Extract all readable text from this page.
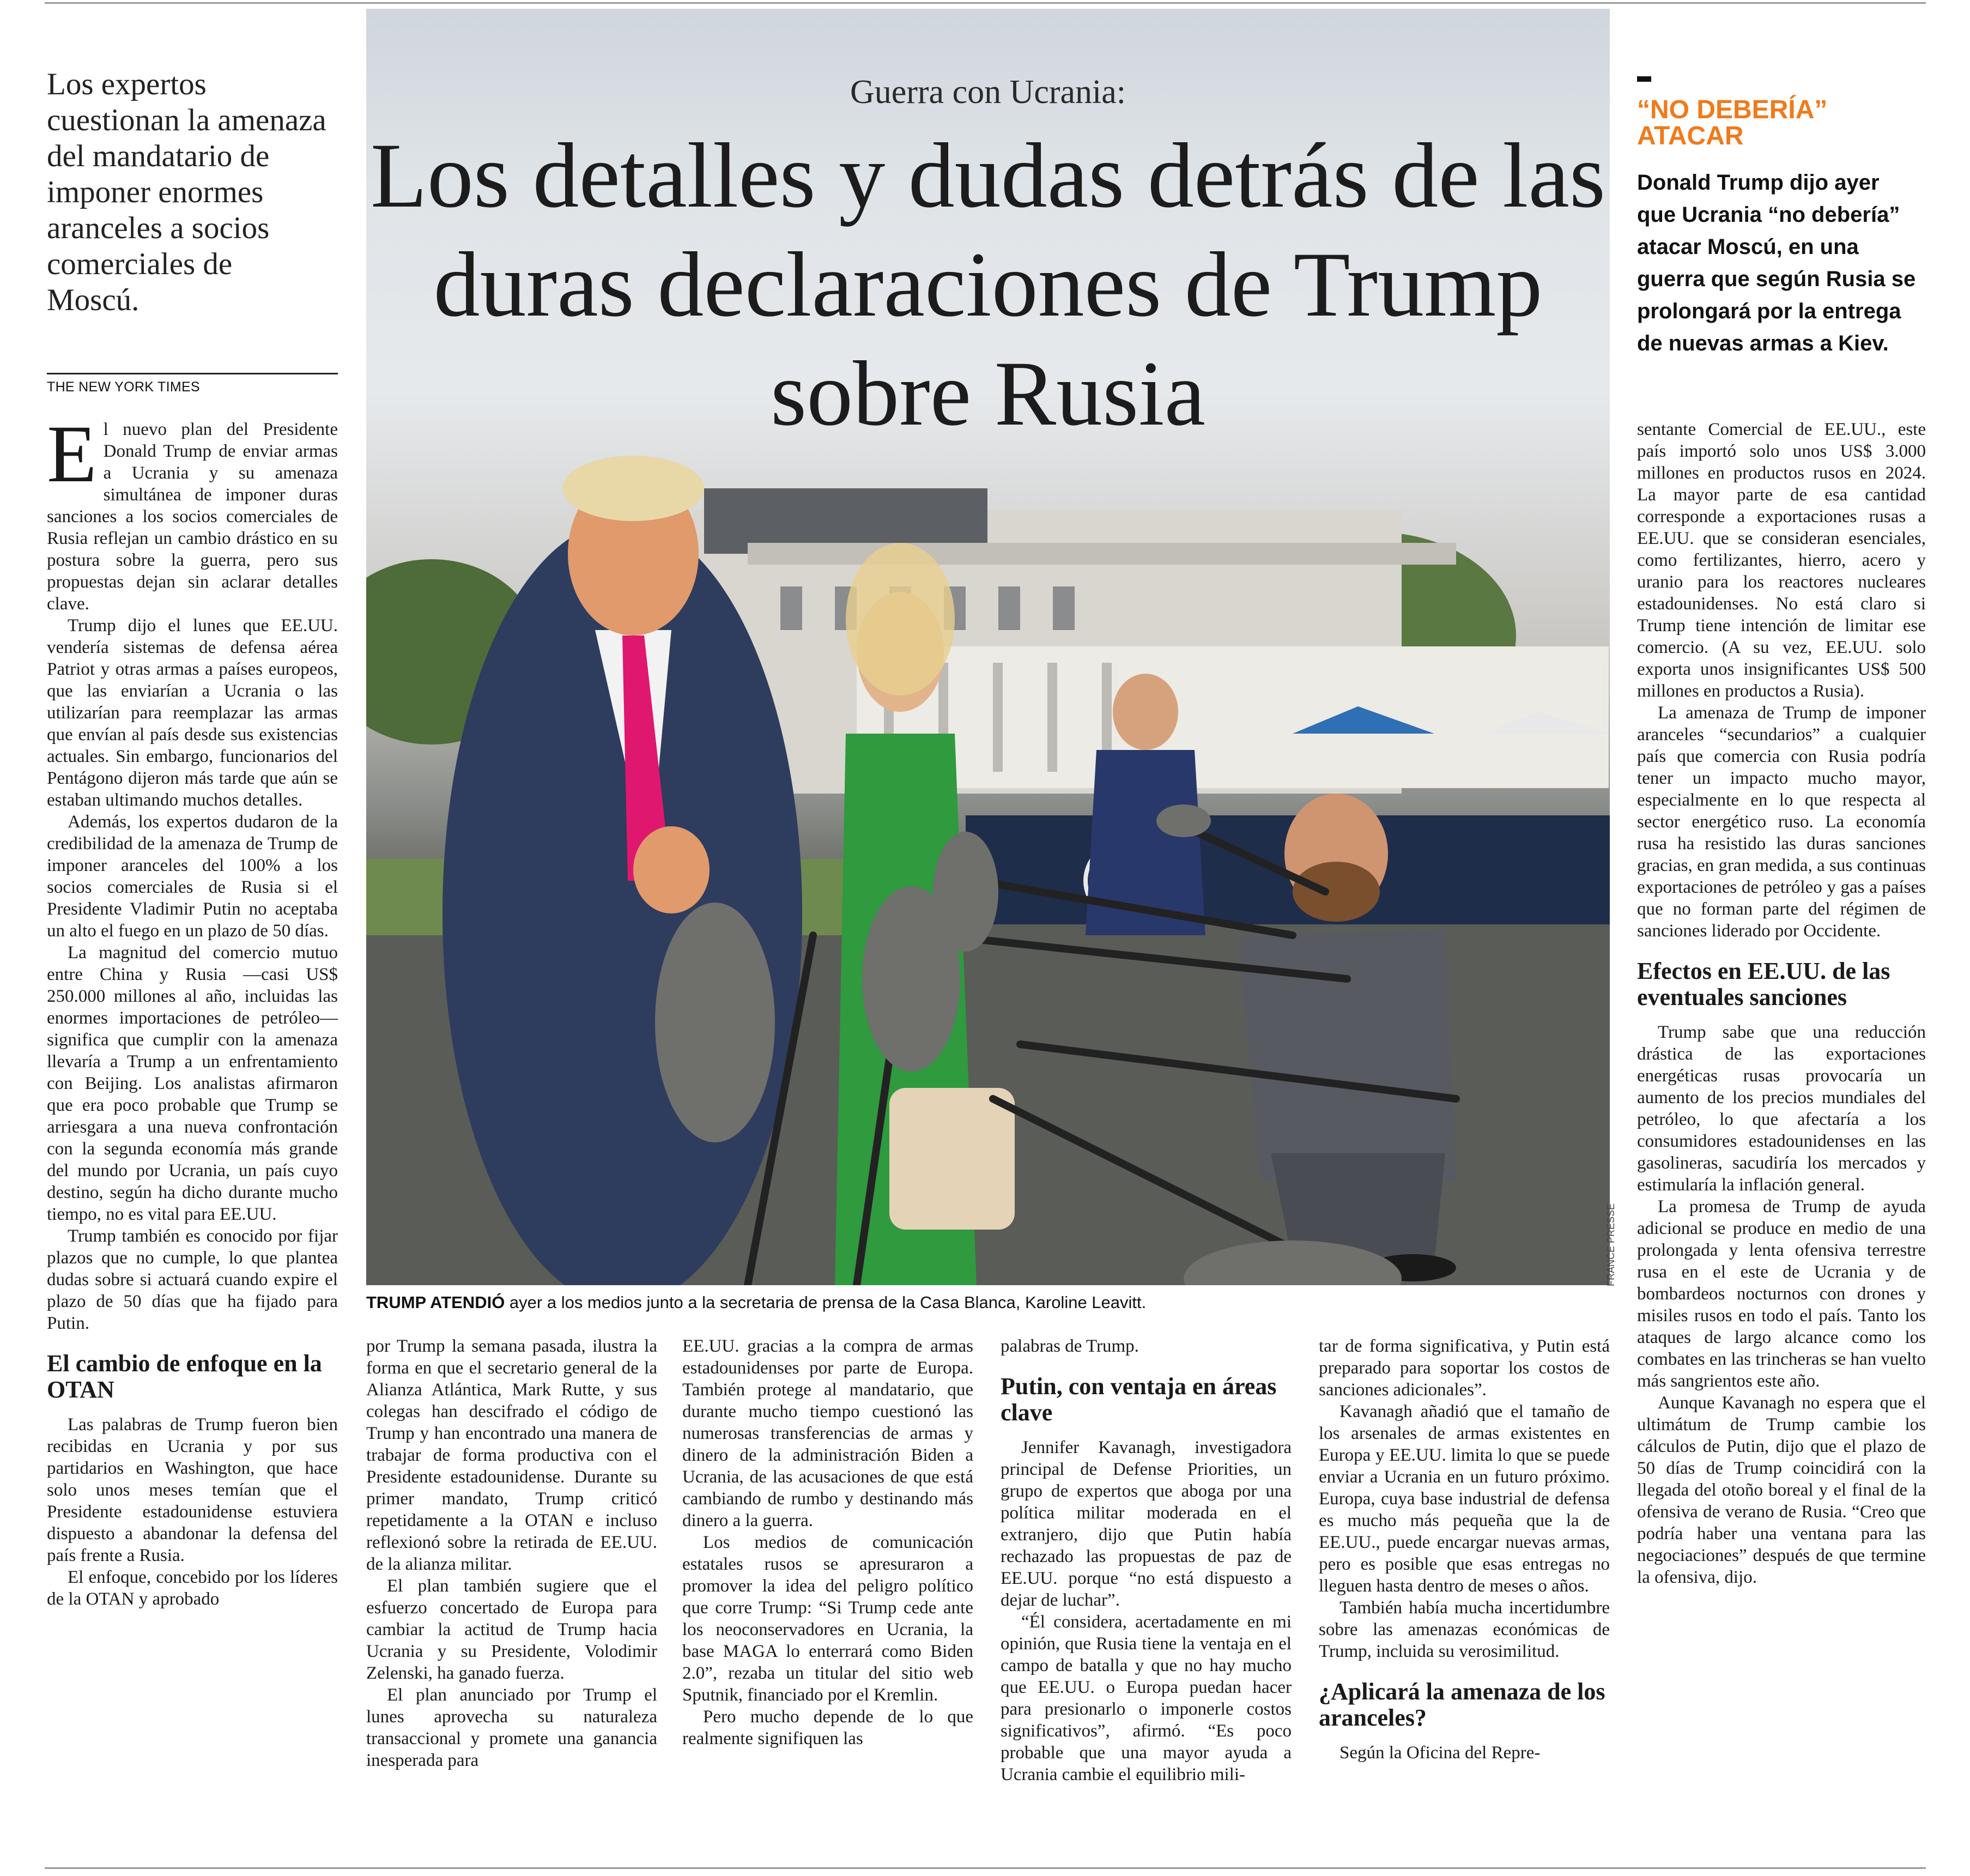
Los expertos cuestionan la amenaza del mandatario de imponer enormes aranceles a socios comerciales de Moscú.
THE NEW YORK TIMES

El nuevo plan del Presidente Donald Trump de enviar armas a Ucrania y su amenaza simultánea de imponer duras sanciones a los socios comerciales de Rusia reflejan un cambio drástico en su postura sobre la guerra, pero sus propuestas dejan sin aclarar detalles clave.

Trump dijo el lunes que EE.UU. vendería sistemas de defensa aérea Patriot y otras armas a países europeos, que las enviarían a Ucrania o las utilizarían para reemplazar las armas que envían al país desde sus existencias actuales. Sin embargo, funcionarios del Pentágono dijeron más tarde que aún se estaban ultimando muchos detalles.

Además, los expertos dudaron de la credibilidad de la amenaza de Trump de imponer aranceles del 100% a los socios comerciales de Rusia si el Presidente Vladimir Putin no aceptaba un alto el fuego en un plazo de 50 días.

La magnitud del comercio mutuo entre China y Rusia —casi US$ 250.000 millones al año, incluidas las enormes importaciones de petróleo— significa que cumplir con la amenaza llevaría a Trump a un enfrentamiento con Beijing. Los analistas afirmaron que era poco probable que Trump se arriesgara a una nueva confrontación con la segunda economía más grande del mundo por Ucrania, un país cuyo destino, según ha dicho durante mucho tiempo, no es vital para EE.UU.

Trump también es conocido por fijar plazos que no cumple, lo que plantea dudas sobre si actuará cuando expire el plazo de 50 días que ha fijado para Putin.

El cambio de enfoque en la OTAN

Las palabras de Trump fueron bien recibidas en Ucrania y por sus partidarios en Washington, que hace solo unos meses temían que el Presidente estadounidense estuviera dispuesto a abandonar la defensa del país frente a Rusia.

El enfoque, concebido por los líderes de la OTAN y aprobado

Guerra con Ucrania:
Los detalles y dudas detrás de las duras declaraciones de Trump sobre Rusia
FRANCE PRESSE
TRUMP ATENDIÓ ayer a los medios junto a la secretaria de prensa de la Casa Blanca, Karoline Leavitt.
“NO DEBERÍA” ATACAR
Donald Trump dijo ayer que Ucrania “no debería” atacar Moscú, en una guerra que según Rusia se prolongará por la entrega de nuevas armas a Kiev.

por Trump la semana pasada, ilustra la forma en que el secretario general de la Alianza Atlántica, Mark Rutte, y sus colegas han descifrado el código de Trump y han encontrado una manera de trabajar de forma productiva con el Presidente estadounidense. Durante su primer mandato, Trump criticó repetidamente a la OTAN e incluso reflexionó sobre la retirada de EE.UU. de la alianza militar.

El plan también sugiere que el esfuerzo concertado de Europa para cambiar la actitud de Trump hacia Ucrania y su Presidente, Volodimir Zelenski, ha ganado fuerza.

El plan anunciado por Trump el lunes aprovecha su naturaleza transaccional y promete una ganancia inesperada para

EE.UU. gracias a la compra de armas estadounidenses por parte de Europa. También protege al mandatario, que durante mucho tiempo cuestionó las numerosas transferencias de armas y dinero de la administración Biden a Ucrania, de las acusaciones de que está cambiando de rumbo y destinando más dinero a la guerra.

Los medios de comunicación estatales rusos se apresuraron a promover la idea del peligro político que corre Trump: “Si Trump cede ante los neoconservadores en Ucrania, la base MAGA lo enterrará como Biden 2.0”, rezaba un titular del sitio web Sputnik, financiado por el Kremlin.

Pero mucho depende de lo que realmente signifiquen las

palabras de Trump.

Putin, con ventaja en áreas clave

Jennifer Kavanagh, investigadora principal de Defense Priorities, un grupo de expertos que aboga por una política militar moderada en el extranjero, dijo que Putin había rechazado las propuestas de paz de EE.UU. porque “no está dispuesto a dejar de luchar”.

“Él considera, acertadamente en mi opinión, que Rusia tiene la ventaja en el campo de batalla y que no hay mucho que EE.UU. o Europa puedan hacer para presionarlo o imponerle costos significativos”, afirmó. “Es poco probable que una mayor ayuda a Ucrania cambie el equilibrio mili-

tar de forma significativa, y Putin está preparado para soportar los costos de sanciones adicionales”.

Kavanagh añadió que el tamaño de los arsenales de armas existentes en Europa y EE.UU. limita lo que se puede enviar a Ucrania en un futuro próximo. Europa, cuya base industrial de defensa es mucho más pequeña que la de EE.UU., puede encargar nuevas armas, pero es posible que esas entregas no lleguen hasta dentro de meses o años.

También había mucha incertidumbre sobre las amenazas económicas de Trump, incluida su verosimilitud.

¿Aplicará la amenaza de los aranceles?

Según la Oficina del Repre-

sentante Comercial de EE.UU., este país importó solo unos US$ 3.000 millones en productos rusos en 2024. La mayor parte de esa cantidad corresponde a exportaciones rusas a EE.UU. que se consideran esenciales, como fertilizantes, hierro, acero y uranio para los reactores nucleares estadounidenses. No está claro si Trump tiene intención de limitar ese comercio. (A su vez, EE.UU. solo exporta unos insignificantes US$ 500 millones en productos a Rusia).

La amenaza de Trump de imponer aranceles “secundarios” a cualquier país que comercia con Rusia podría tener un impacto mucho mayor, especialmente en lo que respecta al sector energético ruso. La economía rusa ha resistido las duras sanciones gracias, en gran medida, a sus continuas exportaciones de petróleo y gas a países que no forman parte del régimen de sanciones liderado por Occidente.

Efectos en EE.UU. de las eventuales sanciones

Trump sabe que una reducción drástica de las exportaciones energéticas rusas provocaría un aumento de los precios mundiales del petróleo, lo que afectaría a los consumidores estadounidenses en las gasolineras, sacudiría los mercados y estimularía la inflación general.

La promesa de Trump de ayuda adicional se produce en medio de una prolongada y lenta ofensiva terrestre rusa en el este de Ucrania y de bombardeos nocturnos con drones y misiles rusos en todo el país. Tanto los ataques de largo alcance como los combates en las trincheras se han vuelto más sangrientos este año.

Aunque Kavanagh no espera que el ultimátum de Trump cambie los cálculos de Putin, dijo que el plazo de 50 días de Trump coincidirá con la llegada del otoño boreal y el final de la ofensiva de verano de Rusia. “Creo que podría haber una ventana para las negociaciones” después de que termine la ofensiva, dijo.
